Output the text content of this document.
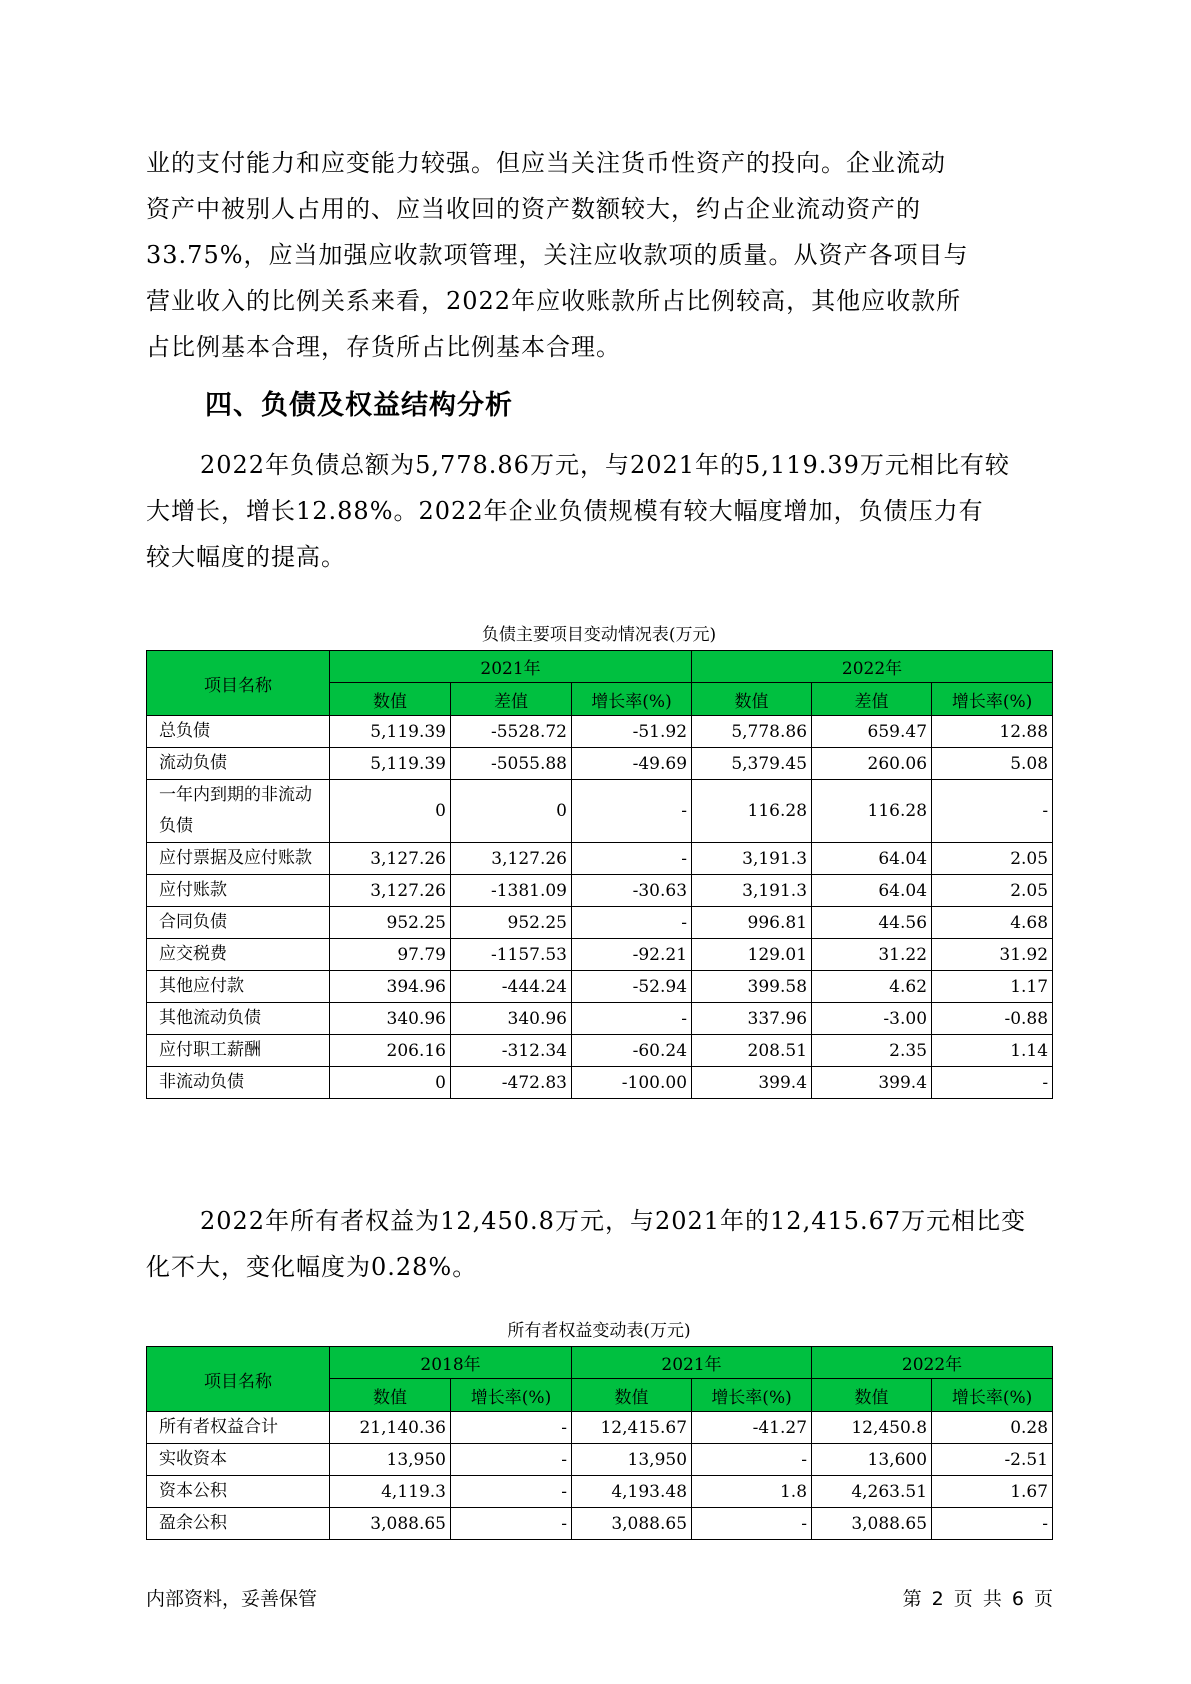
业的支付能力和应变能力较强。但应当关注货币性资产的投向。企业流动
资产中被别人占用的、应当收回的资产数额较大，约占企业流动资产的
33.75%，应当加强应收款项管理，关注应收款项的质量。从资产各项目与
营业收入的比例关系来看，2022年应收账款所占比例较高，其他应收款所
占比例基本合理，存货所占比例基本合理。

四、负债及权益结构分析

2022年负债总额为5,778.86万元，与2021年的5,119.39万元相比有较
大增长，增长12.88%。2022年企业负债规模有较大幅度增加，负债压力有
较大幅度的提高。

负债主要项目变动情况表(万元)

项目名称	2021年			2022年		
	数值	差值	增长率(%)	数值	差值	增长率(%)
总负债	5,119.39	-5528.72	-51.92	5,778.86	659.47	12.88
流动负债	5,119.39	-5055.88	-49.69	5,379.45	260.06	5.08
一年内到期的非流动负债	0	0	-	116.28	116.28	-
应付票据及应付账款	3,127.26	3,127.26	-	3,191.3	64.04	2.05
应付账款	3,127.26	-1381.09	-30.63	3,191.3	64.04	2.05
合同负债	952.25	952.25	-	996.81	44.56	4.68
应交税费	97.79	-1157.53	-92.21	129.01	31.22	31.92
其他应付款	394.96	-444.24	-52.94	399.58	4.62	1.17
其他流动负债	340.96	340.96	-	337.96	-3.00	-0.88
应付职工薪酬	206.16	-312.34	-60.24	208.51	2.35	1.14
非流动负债	0	-472.83	-100.00	399.4	399.4	-

2022年所有者权益为12,450.8万元，与2021年的12,415.67万元相比变
化不大，变化幅度为0.28%。

所有者权益变动表(万元)

项目名称	2018年		2021年		2022年	
	数值	增长率(%)	数值	增长率(%)	数值	增长率(%)
所有者权益合计	21,140.36	-	12,415.67	-41.27	12,450.8	0.28
实收资本	13,950	-	13,950	-	13,600	-2.51
资本公积	4,119.3	-	4,193.48	1.8	4,263.51	1.67
盈余公积	3,088.65	-	3,088.65	-	3,088.65	-
内部资料，妥善保管	第 2 页 共 6 页
